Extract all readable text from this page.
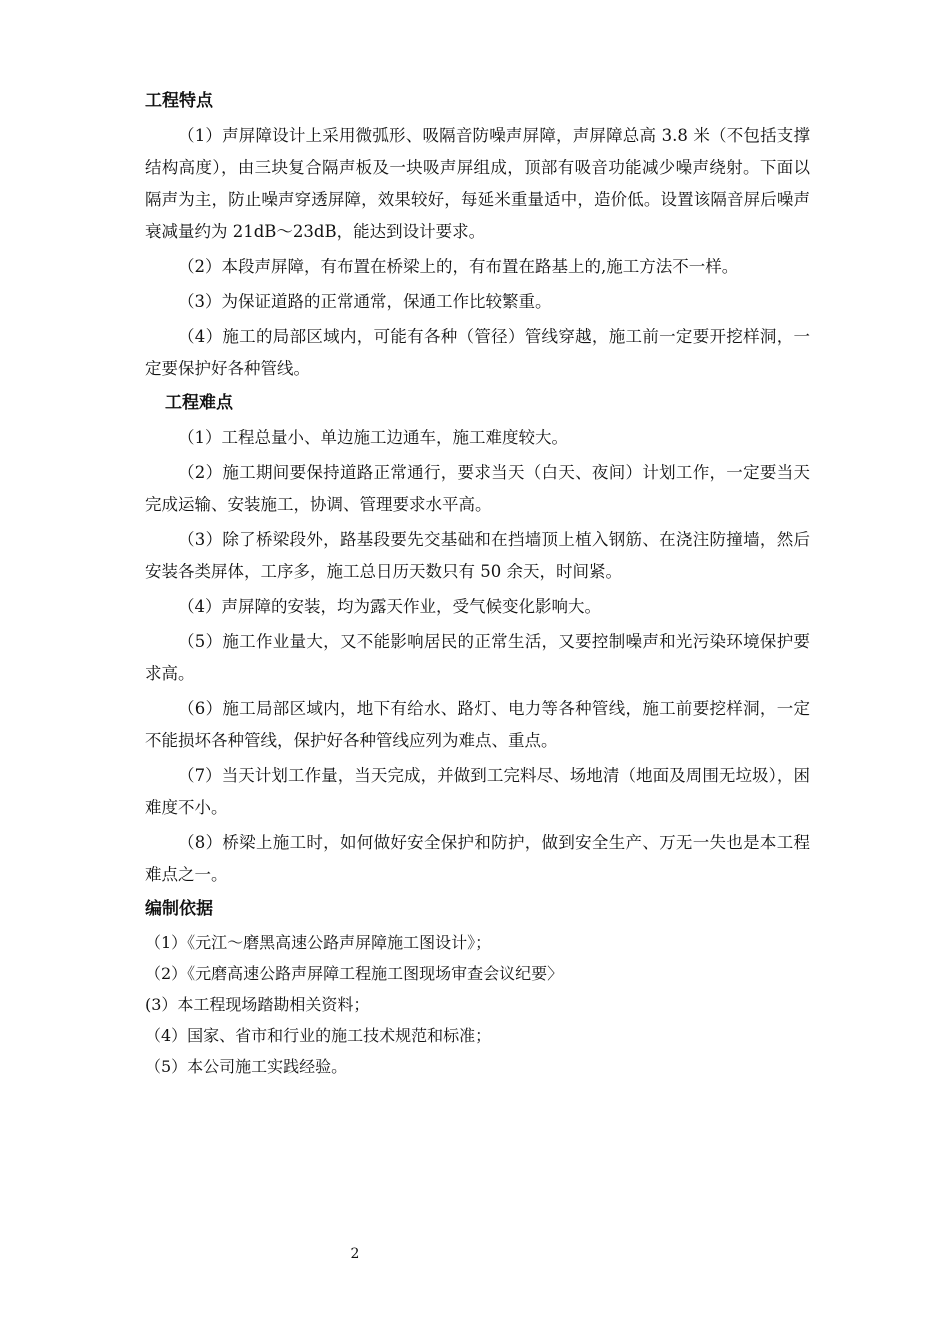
工程特点

（1）声屏障设计上采用微弧形、吸隔音防噪声屏障，声屏障总高 3.8 米（不包括支撑结构高度），由三块复合隔声板及一块吸声屏组成，顶部有吸音功能减少噪声绕射。下面以隔声为主，防止噪声穿透屏障，效果较好，每延米重量适中，造价低。设置该隔音屏后噪声衰减量约为 21dB～23dB，能达到设计要求。

（2）本段声屏障，有布置在桥梁上的，有布置在路基上的,施工方法不一样。

（3）为保证道路的正常通常，保通工作比较繁重。

（4）施工的局部区域内，可能有各种（管径）管线穿越，施工前一定要开挖样洞，一定要保护好各种管线。

工程难点

（1）工程总量小、单边施工边通车，施工难度较大。

（2）施工期间要保持道路正常通行，要求当天（白天、夜间）计划工作，一定要当天完成运输、安装施工，协调、管理要求水平高。

（3）除了桥梁段外，路基段要先交基础和在挡墙顶上植入钢筋、在浇注防撞墙，然后安装各类屏体，工序多，施工总日历天数只有 50 余天，时间紧。

（4）声屏障的安装，均为露天作业，受气候变化影响大。

（5）施工作业量大，又不能影响居民的正常生活，又要控制噪声和光污染环境保护要求高。

（6）施工局部区域内，地下有给水、路灯、电力等各种管线，施工前要挖样洞，一定不能损坏各种管线，保护好各种管线应列为难点、重点。

（7）当天计划工作量，当天完成，并做到工完料尽、场地清（地面及周围无垃圾），困难度不小。

（8）桥梁上施工时，如何做好安全保护和防护，做到安全生产、万无一失也是本工程难点之一。

编制依据
（1）《元江～磨黑高速公路声屏障施工图设计》；
（2）《元磨高速公路声屏障工程施工图现场审查会议纪要〉
(3）本工程现场踏勘相关资料；
（4）国家、省市和行业的施工技术规范和标准；
（5）本公司施工实践经验。
2
